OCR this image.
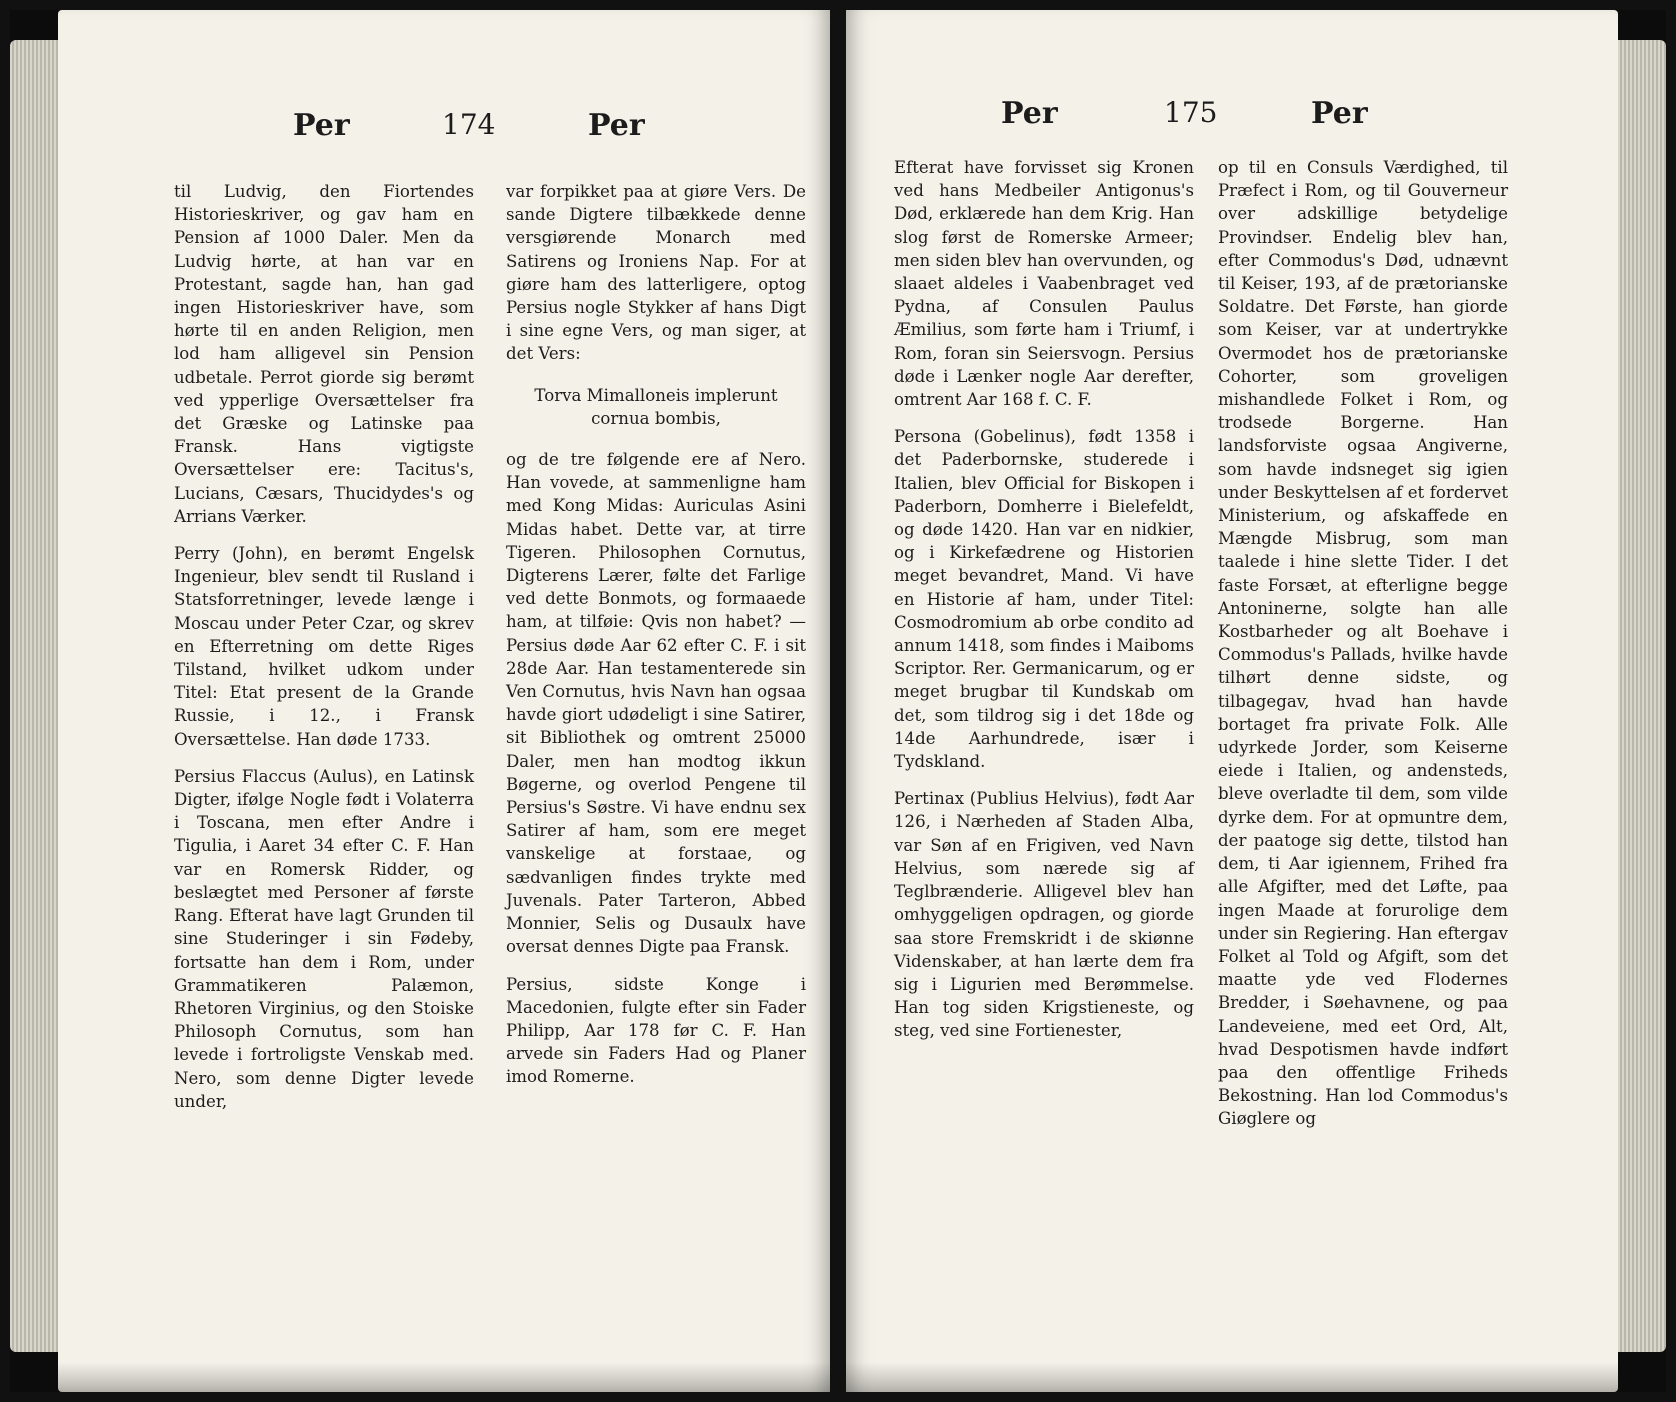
Per	174	Per

til Ludvig, den Fiortendes Historieskriver, og gav ham en Pension af 1000 Daler. Men da Ludvig hørte, at han var en Protestant, sagde han, han gad ingen Historieskriver have, som hørte til en anden Religion, men lod ham alligevel sin Pension udbetale. Perrot giorde sig berømt ved ypperlige Oversættelser fra det Græske og Latinske paa Fransk. Hans vigtigste Oversættelser ere: Tacitus's, Lucians, Cæsars, Thucidydes's og Arrians Værker.

Perry (John), en berømt Engelsk Ingenieur, blev sendt til Rusland i Statsforretninger, levede længe i Moscau under Peter Czar, og skrev en Efterretning om dette Riges Tilstand, hvilket udkom under Titel: Etat present de la Grande Russie, i 12., i Fransk Oversættelse. Han døde 1733.

Persius Flaccus (Aulus), en Latinsk Digter, ifølge Nogle født i Volaterra i Toscana, men efter Andre i Tigulia, i Aaret 34 efter C. F. Han var en Romersk Ridder, og beslægtet med Personer af første Rang. Efterat have lagt Grunden til sine Studeringer i sin Fødeby, fortsatte han dem i Rom, under Grammatikeren Palæmon, Rhetoren Virginius, og den Stoiske Philosoph Cornutus, som han levede i fortroligste Venskab med. Nero, som denne Digter levede under,

var forpikket paa at giøre Vers. De sande Digtere tilbækkede denne versgiørende Monarch med Satirens og Ironiens Nap. For at giøre ham des latterligere, optog Persius nogle Stykker af hans Digt i sine egne Vers, og man siger, at det Vers:

Torva Mimalloneis implerunt cornua bombis,

og de tre følgende ere af Nero. Han vovede, at sammenligne ham med Kong Midas: Auriculas Asini Midas habet. Dette var, at tirre Tigeren. Philosophen Cornutus, Digterens Lærer, følte det Farlige ved dette Bonmots, og formaaede ham, at tilføie: Qvis non habet? — Persius døde Aar 62 efter C. F. i sit 28de Aar. Han testamenterede sin Ven Cornutus, hvis Navn han ogsaa havde giort udødeligt i sine Satirer, sit Bibliothek og omtrent 25000 Daler, men han modtog ikkun Bøgerne, og overlod Pengene til Persius's Søstre. Vi have endnu sex Satirer af ham, som ere meget vanskelige at forstaae, og sædvanligen findes trykte med Juvenals. Pater Tarteron, Abbed Monnier, Selis og Dusaulx have oversat dennes Digte paa Fransk.

Persius, sidste Konge i Macedonien, fulgte efter sin Fader Philipp, Aar 178 før C. F. Han arvede sin Faders Had og Planer imod Romerne.

Per	175	Per

Efterat have forvisset sig Kronen ved hans Medbeiler Antigonus's Død, erklærede han dem Krig. Han slog først de Romerske Armeer; men siden blev han overvunden, og slaaet aldeles i Vaabenbraget ved Pydna, af Consulen Paulus Æmilius, som førte ham i Triumf, i Rom, foran sin Seiersvogn. Persius døde i Lænker nogle Aar derefter, omtrent Aar 168 f. C. F.

Persona (Gobelinus), født 1358 i det Paderbornske, studerede i Italien, blev Official for Biskopen i Paderborn, Domherre i Bielefeldt, og døde 1420. Han var en nidkier, og i Kirkefædrene og Historien meget bevandret, Mand. Vi have en Historie af ham, under Titel: Cosmodromium ab orbe condito ad annum 1418, som findes i Maiboms Scriptor. Rer. Germanicarum, og er meget brugbar til Kundskab om det, som tildrog sig i det 18de og 14de Aarhundrede, især i Tydskland.

Pertinax (Publius Helvius), født Aar 126, i Nærheden af Staden Alba, var Søn af en Frigiven, ved Navn Helvius, som nærede sig af Teglbrænderie. Alligevel blev han omhyggeligen opdragen, og giorde saa store Fremskridt i de skiønne Videnskaber, at han lærte dem fra sig i Ligurien med Berømmelse. Han tog siden Krigstieneste, og steg, ved sine Fortienester,

op til en Consuls Værdighed, til Præfect i Rom, og til Gouverneur over adskillige betydelige Provindser. Endelig blev han, efter Commodus's Død, udnævnt til Keiser, 193, af de prætorianske Soldatre. Det Første, han giorde som Keiser, var at undertrykke Overmodet hos de prætorianske Cohorter, som groveligen mishandlede Folket i Rom, og trodsede Borgerne. Han landsforviste ogsaa Angiverne, som havde indsneget sig igien under Beskyttelsen af et fordervet Ministerium, og afskaffede en Mængde Misbrug, som man taalede i hine slette Tider. I det faste Forsæt, at efterligne begge Antoninerne, solgte han alle Kostbarheder og alt Boehave i Commodus's Pallads, hvilke havde tilhørt denne sidste, og tilbagegav, hvad han havde bortaget fra private Folk. Alle udyrkede Jorder, som Keiserne eiede i Italien, og andensteds, bleve overladte til dem, som vilde dyrke dem. For at opmuntre dem, der paatoge sig dette, tilstod han dem, ti Aar igiennem, Frihed fra alle Afgifter, med det Løfte, paa ingen Maade at forurolige dem under sin Regiering. Han eftergav Folket al Told og Afgift, som det maatte yde ved Flodernes Bredder, i Søehavnene, og paa Landeveiene, med eet Ord, Alt, hvad Despotismen havde indført paa den offentlige Friheds Bekostning. Han lod Commodus's Giøglere og
